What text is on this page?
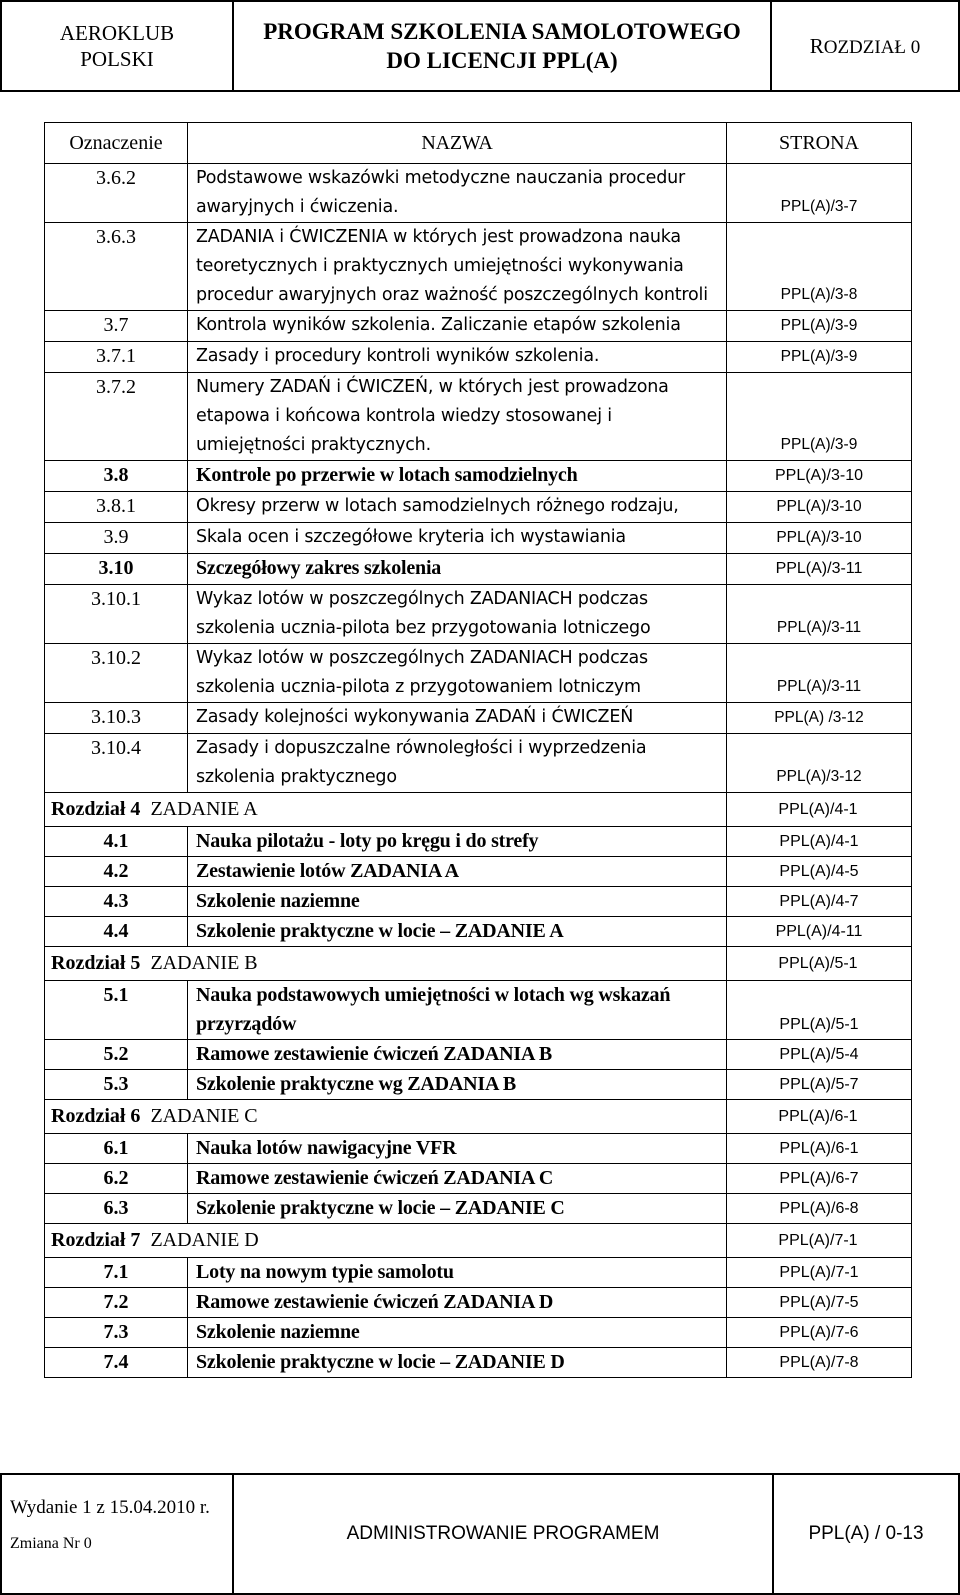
AEROKLUB
POLSKI
PROGRAM SZKOLENIA SAMOLOTOWEGO
DO LICENCJI PPL(A)
ROZDZIAŁ 0
Oznaczenie	NAZWA	STRONA
3.6.2	Podstawowe wskazówki metodyczne nauczania procedur awaryjnych i ćwiczenia.	PPL(A)/3-7
3.6.3	ZADANIA i ĆWICZENIA w których jest prowadzona nauka teoretycznych i praktycznych umiejętności wykonywania procedur awaryjnych oraz ważność poszczególnych kontroli	PPL(A)/3-8
3.7	Kontrola wyników szkolenia. Zaliczanie etapów szkolenia	PPL(A)/3-9
3.7.1	Zasady i procedury kontroli wyników szkolenia.	PPL(A)/3-9
3.7.2	Numery ZADAŃ i ĆWICZEŃ, w których jest prowadzona etapowa i końcowa kontrola wiedzy stosowanej i umiejętności praktycznych.	PPL(A)/3-9
3.8	Kontrole po przerwie w lotach samodzielnych	PPL(A)/3-10
3.8.1	Okresy przerw w lotach samodzielnych różnego rodzaju,	PPL(A)/3-10
3.9	Skala ocen i szczegółowe kryteria ich wystawiania	PPL(A)/3-10
3.10	Szczegółowy zakres szkolenia	PPL(A)/3-11
3.10.1	Wykaz lotów w poszczególnych ZADANIACH podczas szkolenia ucznia-pilota bez przygotowania lotniczego	PPL(A)/3-11
3.10.2	Wykaz lotów w poszczególnych ZADANIACH podczas szkolenia ucznia-pilota z przygotowaniem lotniczym	PPL(A)/3-11
3.10.3	Zasady kolejności wykonywania ZADAŃ i ĆWICZEŃ	PPL(A) /3-12
3.10.4	Zasady i dopuszczalne równoległości i wyprzedzenia szkolenia praktycznego	PPL(A)/3-12
Rozdział 4 ZADANIE A		PPL(A)/4-1
4.1	Nauka pilotażu - loty po kręgu i do strefy	PPL(A)/4-1
4.2	Zestawienie lotów ZADANIA A	PPL(A)/4-5
4.3	Szkolenie naziemne	PPL(A)/4-7
4.4	Szkolenie praktyczne w locie – ZADANIE A	PPL(A)/4-11
Rozdział 5 ZADANIE B		PPL(A)/5-1
5.1	Nauka podstawowych umiejętności w lotach wg wskazań przyrządów	PPL(A)/5-1
5.2	Ramowe zestawienie ćwiczeń ZADANIA B	PPL(A)/5-4
5.3	Szkolenie praktyczne wg ZADANIA B	PPL(A)/5-7
Rozdział 6 ZADANIE C		PPL(A)/6-1
6.1	Nauka lotów nawigacyjne VFR	PPL(A)/6-1
6.2	Ramowe zestawienie ćwiczeń ZADANIA C	PPL(A)/6-7
6.3	Szkolenie praktyczne w locie – ZADANIE C	PPL(A)/6-8
Rozdział 7 ZADANIE D		PPL(A)/7-1
7.1	Loty na nowym typie samolotu	PPL(A)/7-1
7.2	Ramowe zestawienie ćwiczeń ZADANIA D	PPL(A)/7-5
7.3	Szkolenie naziemne	PPL(A)/7-6
7.4	Szkolenie praktyczne w locie – ZADANIE D	PPL(A)/7-8
Wydanie 1 z 15.04.2010 r.
Zmiana Nr 0	ADMINISTROWANIE PROGRAMEM	PPL(A) / 0-13
